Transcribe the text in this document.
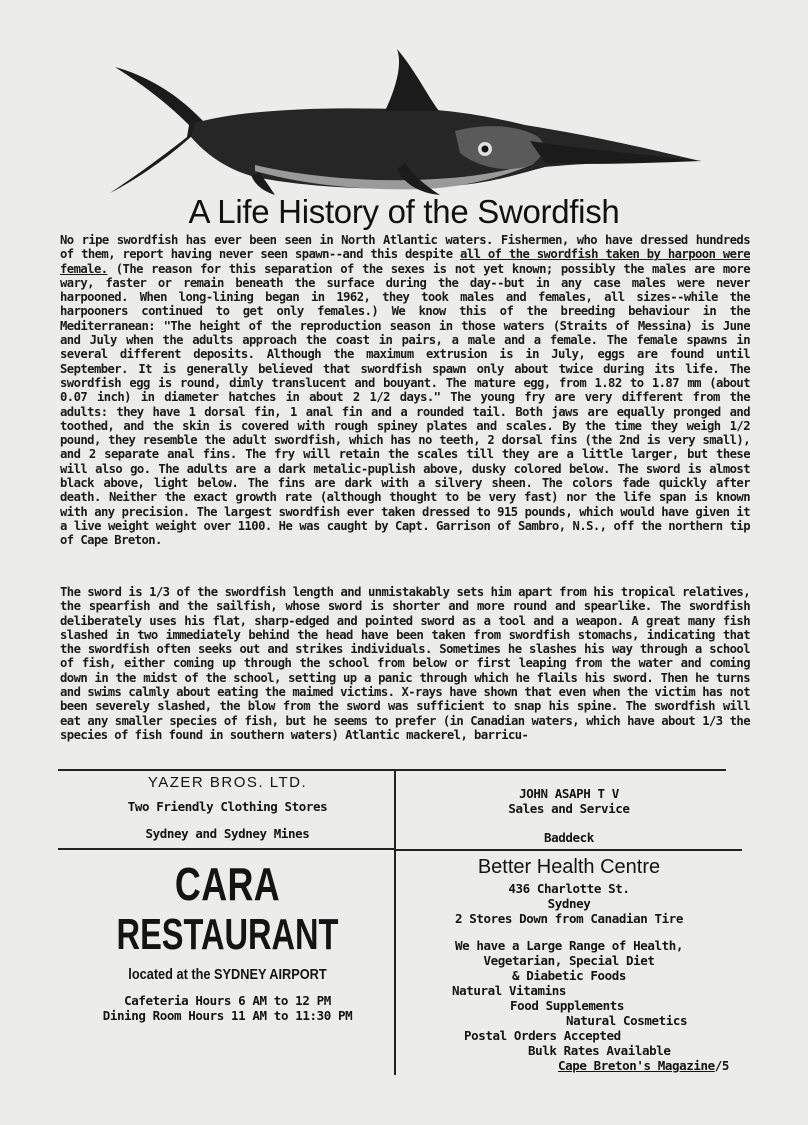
A Life History of the Swordfish
No ripe swordfish has ever been seen in North Atlantic waters. Fishermen, who have dressed hundreds of them, report having never seen spawn--and this despite all of the swordfish taken by harpoon were female. (The reason for this separation of the sexes is not yet known; possibly the males are more wary, faster or remain beneath the surface during the day--but in any case males were never harpooned. When long-lining began in 1962, they took males and females, all sizes--while the harpooners continued to get only females.) We know this of the breeding behaviour in the Mediterranean: "The height of the reproduction season in those waters (Straits of Messina) is June and July when the adults approach the coast in pairs, a male and a female. The female spawns in several different deposits. Although the maximum extrusion is in July, eggs are found until September. It is generally believed that swordfish spawn only about twice during its life. The swordfish egg is round, dimly translucent and bouyant. The mature egg, from 1.82 to 1.87 mm (about 0.07 inch) in diameter hatches in about 2 1/2 days." The young fry are very different from the adults: they have 1 dorsal fin, 1 anal fin and a rounded tail. Both jaws are equally pronged and toothed, and the skin is covered with rough spiney plates and scales. By the time they weigh 1/2 pound, they resemble the adult swordfish, which has no teeth, 2 dorsal fins (the 2nd is very small), and 2 separate anal fins. The fry will retain the scales till they are a little larger, but these will also go. The adults are a dark metalic-puplish above, dusky colored below. The sword is almost black above, light below. The fins are dark with a silvery sheen. The colors fade quickly after death. Neither the exact growth rate (although thought to be very fast) nor the life span is known with any precision. The largest swordfish ever taken dressed to 915 pounds, which would have given it a live weight weight over 1100. He was caught by Capt. Garrison of Sambro, N.S., off the northern tip of Cape Breton.
The sword is 1/3 of the swordfish length and unmistakably sets him apart from his tropical relatives, the spearfish and the sailfish, whose sword is shorter and more round and spearlike. The swordfish deliberately uses his flat, sharp-edged and pointed sword as a tool and a weapon. A great many fish slashed in two immediately behind the head have been taken from swordfish stomachs, indicating that the swordfish often seeks out and strikes individuals. Sometimes he slashes his way through a school of fish, either coming up through the school from below or first leaping from the water and coming down in the midst of the school, setting up a panic through which he flails his sword. Then he turns and swims calmly about eating the maimed victims. X-rays have shown that even when the victim has not been severely slashed, the blow from the sword was sufficient to snap his spine. The swordfish will eat any smaller species of fish, but he seems to prefer (in Canadian waters, which have about 1/3 the species of fish found in southern waters) Atlantic mackerel, barricu-
YAZER BROS. LTD.
Two Friendly Clothing Stores
Sydney and Sydney Mines
JOHN ASAPH T V
Sales and Service
Baddeck
CARA
RESTAURANT
located at the SYDNEY AIRPORT
Cafeteria Hours 6 AM to 12 PM
Dining Room Hours 11 AM to 11:30 PM
Better Health Centre
436 Charlotte St.
Sydney
2 Stores Down from Canadian Tire
We have a Large Range of Health,
Vegetarian, Special Diet
& Diabetic Foods
Natural Vitamins
Food Supplements
Natural Cosmetics
Postal Orders Accepted
Bulk Rates Available
Cape Breton's Magazine/5
